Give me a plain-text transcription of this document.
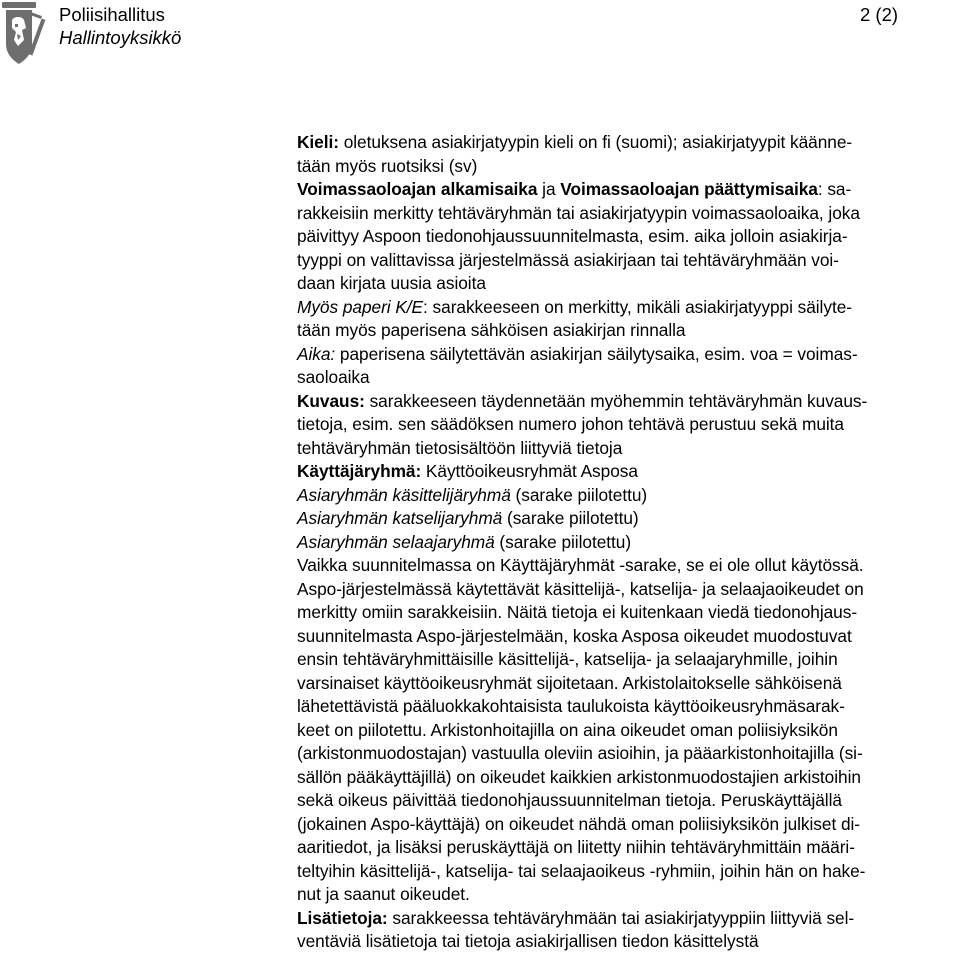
Poliisihallitus
Hallintoyksikkö
2 (2)
Kieli: oletuksena asiakirjatyypin kieli on fi (suomi); asiakirjatyypit käänne-
tään myös ruotsiksi (sv)
Voimassaoloajan alkamisaika ja Voimassaoloajan päättymisaika: sa-
rakkeisiin merkitty tehtäväryhmän tai asiakirjatyypin voimassaoloaika, joka
päivittyy Aspoon tiedonohjaussuunnitelmasta, esim. aika jolloin asiakirja-
tyyppi on valittavissa järjestelmässä asiakirjaan tai tehtäväryhmään voi-
daan kirjata uusia asioita
Myös paperi K/E: sarakkeeseen on merkitty, mikäli asiakirjatyyppi säilyte-
tään myös paperisena sähköisen asiakirjan rinnalla
Aika: paperisena säilytettävän asiakirjan säilytysaika, esim. voa = voimas-
saoloaika
Kuvaus: sarakkeeseen täydennetään myöhemmin tehtäväryhmän kuvaus-
tietoja, esim. sen säädöksen numero johon tehtävä perustuu sekä muita
tehtäväryhmän tietosisältöön liittyviä tietoja
Käyttäjäryhmä: Käyttöoikeusryhmät Asposa
Asiaryhmän käsittelijäryhmä (sarake piilotettu)
Asiaryhmän katselijaryhmä (sarake piilotettu)
Asiaryhmän selaajaryhmä (sarake piilotettu)
Vaikka suunnitelmassa on Käyttäjäryhmät -sarake, se ei ole ollut käytössä.
Aspo-järjestelmässä käytettävät käsittelijä-, katselija- ja selaajaoikeudet on
merkitty omiin sarakkeisiin. Näitä tietoja ei kuitenkaan viedä tiedonohjaus-
suunnitelmasta Aspo-järjestelmään, koska Asposa oikeudet muodostuvat
ensin tehtäväryhmittäisille käsittelijä-, katselija- ja selaajaryhmille, joihin
varsinaiset käyttöoikeusryhmät sijoitetaan. Arkistolaitokselle sähköisenä
lähetettävistä pääluokkakohtaisista taulukoista käyttöoikeusryhmäsarak-
keet on piilotettu. Arkistonhoitajilla on aina oikeudet oman poliisiyksikön
(arkistonmuodostajan) vastuulla oleviin asioihin, ja pääarkistonhoitajilla (si-
sällön pääkäyttäjillä) on oikeudet kaikkien arkistonmuodostajien arkistoihin
sekä oikeus päivittää tiedonohjaussuunnitelman tietoja. Peruskäyttäjällä
(jokainen Aspo-käyttäjä) on oikeudet nähdä oman poliisiyksikön julkiset di-
aaritiedot, ja lisäksi peruskäyttäjä on liitetty niihin tehtäväryhmittäin määri-
teltyihin käsittelijä-, katselija- tai selaajaoikeus -ryhmiin, joihin hän on hake-
nut ja saanut oikeudet.
Lisätietoja: sarakkeessa tehtäväryhmään tai asiakirjatyyppiin liittyviä sel-
ventäviä lisätietoja tai tietoja asiakirjallisen tiedon käsittelystä
